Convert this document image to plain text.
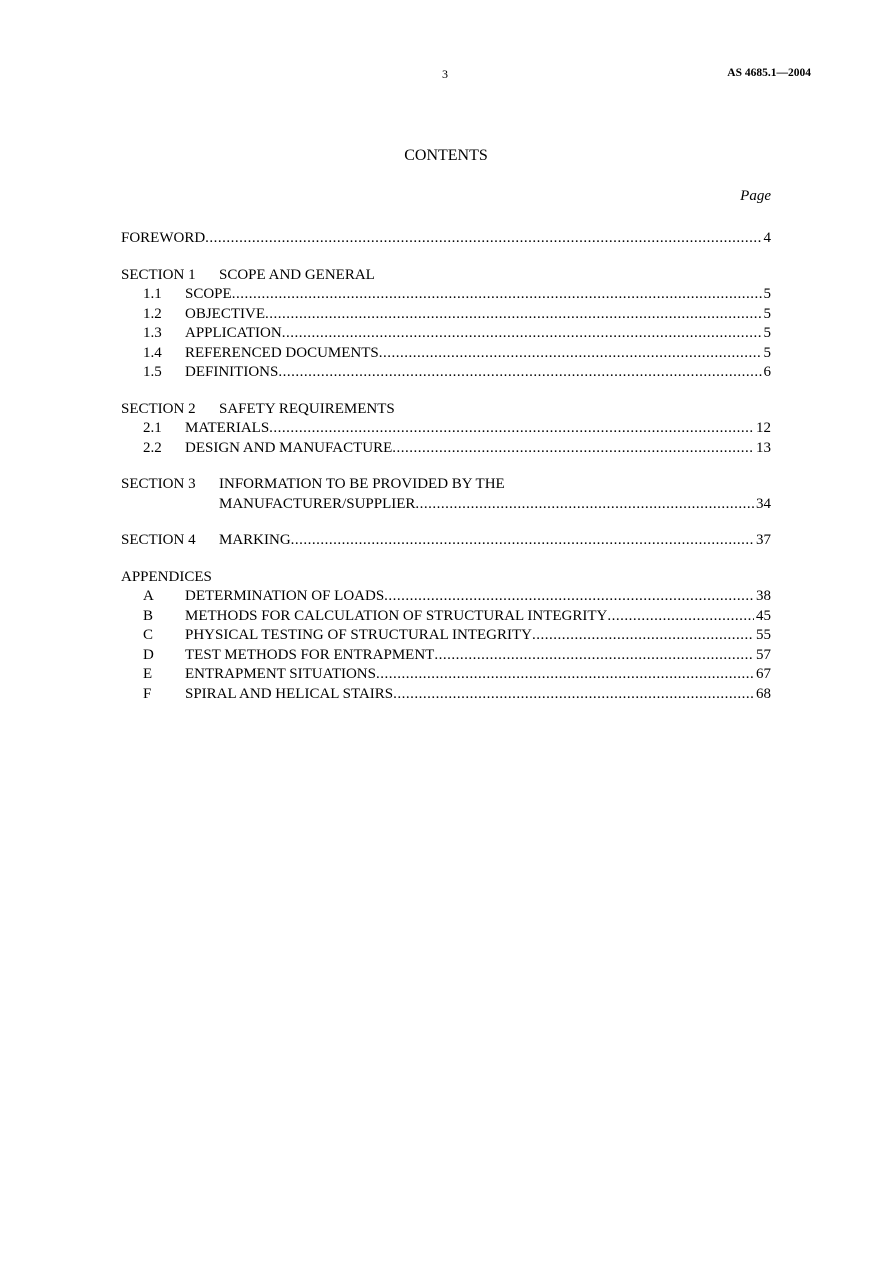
3	AS 4685.1—2004
CONTENTS
Page
FOREWORD .....	4
SECTION 1 SCOPE AND GENERAL
1.1	SCOPE .....	5
1.2	OBJECTIVE .....	5
1.3	APPLICATION .....	5
1.4	REFERENCED DOCUMENTS .....	5
1.5	DEFINITIONS .....	6
SECTION 2 SAFETY REQUIREMENTS
2.1	MATERIALS .....	12
2.2	DESIGN AND MANUFACTURE .....	13
SECTION 3 INFORMATION TO BE PROVIDED BY THE
MANUFACTURER/SUPPLIER .....	34
SECTION 4	MARKING .....	37
APPENDICES
A	DETERMINATION OF LOADS .....	38
B	METHODS FOR CALCULATION OF STRUCTURAL INTEGRITY .....	45
C	PHYSICAL TESTING OF STRUCTURAL INTEGRITY .....	55
D	TEST METHODS FOR ENTRAPMENT .....	57
E	ENTRAPMENT SITUATIONS .....	67
F	SPIRAL AND HELICAL STAIRS .....	68
